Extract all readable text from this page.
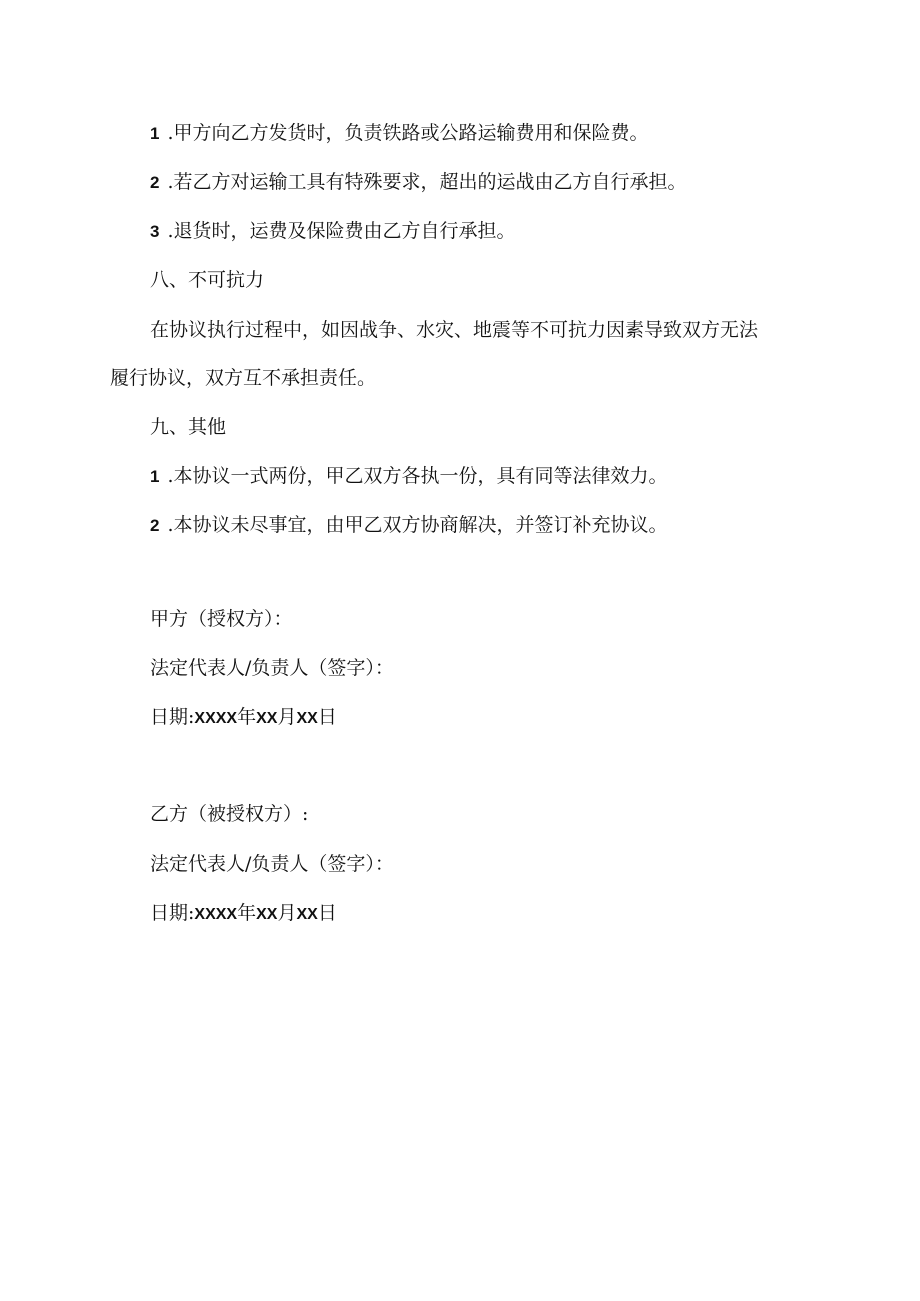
1 .甲方向乙方发货时，负责铁路或公路运输费用和保险费。
2 .若乙方对运输工具有特殊要求，超出的运战由乙方自行承担。
3 .退货时，运费及保险费由乙方自行承担。
八、不可抗力
在协议执行过程中，如因战争、水灾、地震等不可抗力因素导致双方无法
履行协议，双方互不承担责任。
九、其他
1 .本协议一式两份，甲乙双方各执一份，具有同等法律效力。
2 .本协议未尽事宜，由甲乙双方协商解决，并签订补充协议。
甲方（授权方）：
法定代表人/负责人（签字）：
日期:XXXX年XX月XX日
乙方（被授权方）:
法定代表人/负责人（签字）：
日期:XXXX年XX月XX日
